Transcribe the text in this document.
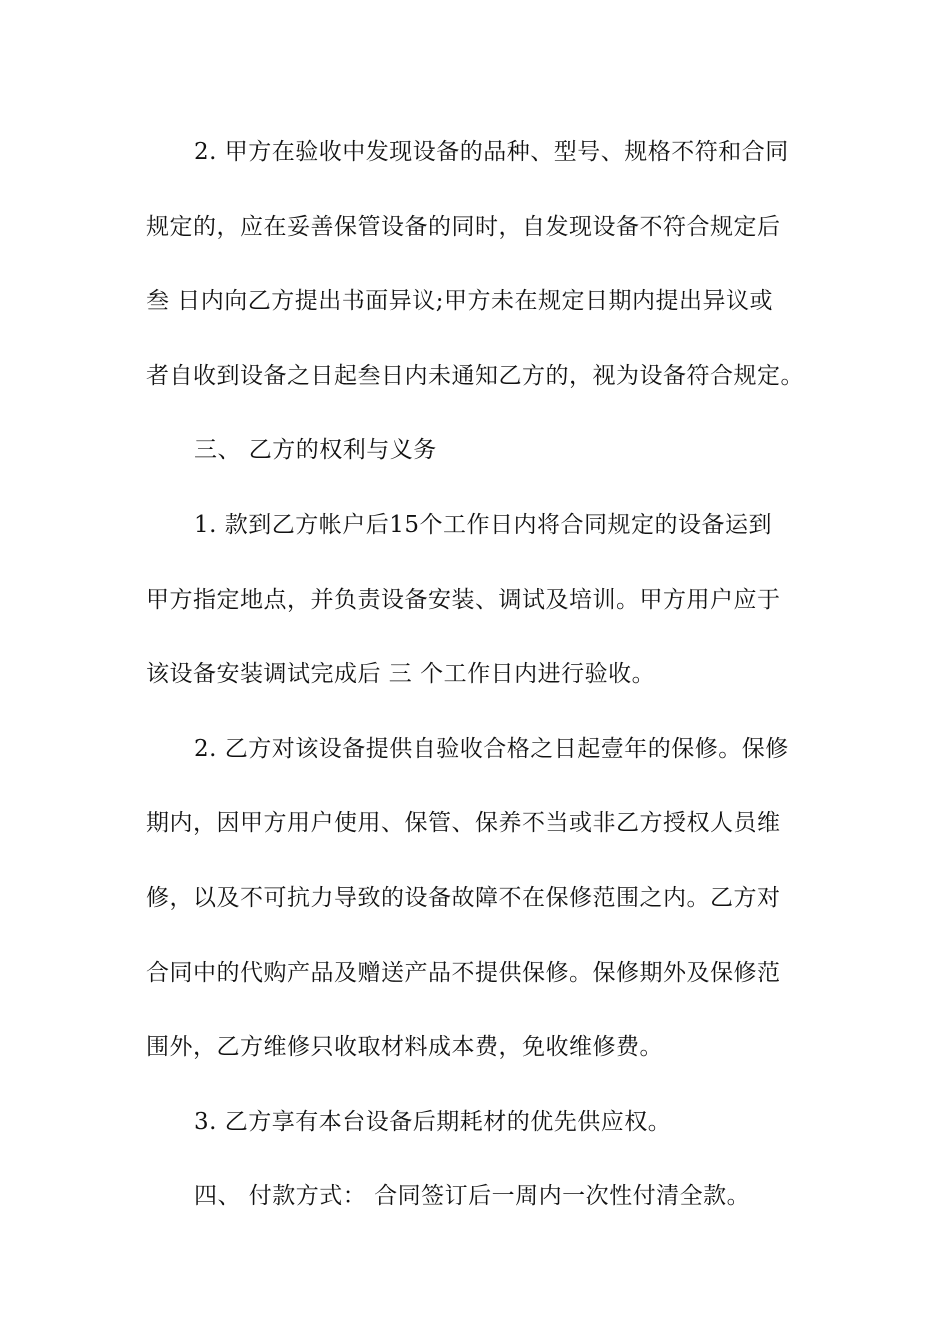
2. 甲方在验收中发现设备的品种、型号、规格不符和合同
规定的，应在妥善保管设备的同时，自发现设备不符合规定后
叁 日内向乙方提出书面异议;甲方未在规定日期内提出异议或
者自收到设备之日起叁日内未通知乙方的，视为设备符合规定。
三、 乙方的权利与义务
1. 款到乙方帐户后15个工作日内将合同规定的设备运到
甲方指定地点，并负责设备安装、调试及培训。甲方用户应于
该设备安装调试完成后 三 个工作日内进行验收。
2. 乙方对该设备提供自验收合格之日起壹年的保修。保修
期内，因甲方用户使用、保管、保养不当或非乙方授权人员维
修，以及不可抗力导致的设备故障不在保修范围之内。乙方对
合同中的代购产品及赠送产品不提供保修。保修期外及保修范
围外，乙方维修只收取材料成本费，免收维修费。
3. 乙方享有本台设备后期耗材的优先供应权。
四、 付款方式： 合同签订后一周内一次性付清全款。
